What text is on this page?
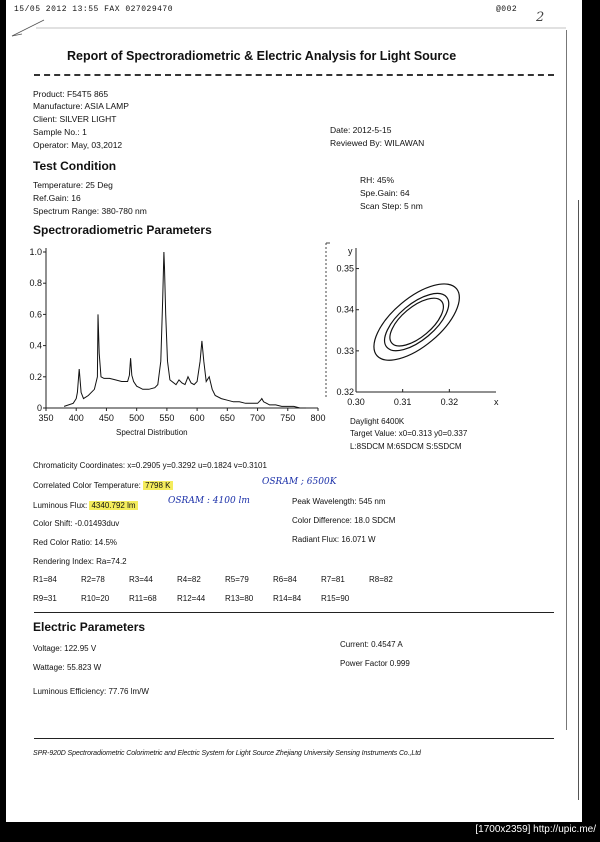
15/05 2012 13:55 FAX 027029470	@002
2
Report of Spectroradiometric & Electric Analysis for Light Source
Product: F54T5 865
Manufacture: ASIA LAMP
Client: SILVER LIGHT
Sample No.: 1
Operator: May, 03,2012
Date: 2012-5-15
Reviewed By: WILAWAN
Test Condition
Temperature: 25 Deg
Ref.Gain: 16
Spectrum Range: 380-780 nm
RH: 45%
Spe.Gain: 64
Scan Step: 5 nm
Spectroradiometric Parameters
0
0.2
0.4
0.6
0.8
1.0
350 400 450 500 550 600 650 700 750 800
Spectral Distribution
y
x
0.32
0.33
0.34
0.35
0.30	0.31	0.32
Daylight 6400K
Target Value: x0=0.313 y0=0.337
L:8SDCM M:6SDCM S:5SDCM
Chromaticity Coordinates: x=0.2905 y=0.3292 u=0.1824 v=0.3101
Correlated Color Temperature: 7798 K	OSRAM ; 6500K
Luminous Flux: 4340.792 lm	OSRAM : 4100 lm	Peak Wavelength: 545 nm
Color Shift: -0.01493duv	Color Difference: 18.0 SDCM
Red Color Ratio: 14.5%	Radiant Flux: 16.071 W
Rendering Index: Ra=74.2
Electric Parameters
Voltage: 122.95 V	Current: 0.4547 A
Wattage: 55.823 W	Power Factor 0.999
Luminous Efficiency: 77.76 lm/W
SPR-920D Spectroradiometric Colorimetric and Electric System for Light Source Zhejiang University Sensing Instruments Co.,Ltd
R1=84	R2=78	R3=44	R4=82	R5=79	R6=84	R7=81	R8=82
R9=31	R10=20 R11=68	R12=44 R13=80 R14=84 R15=90
[1700x2359] http://upic.me/
